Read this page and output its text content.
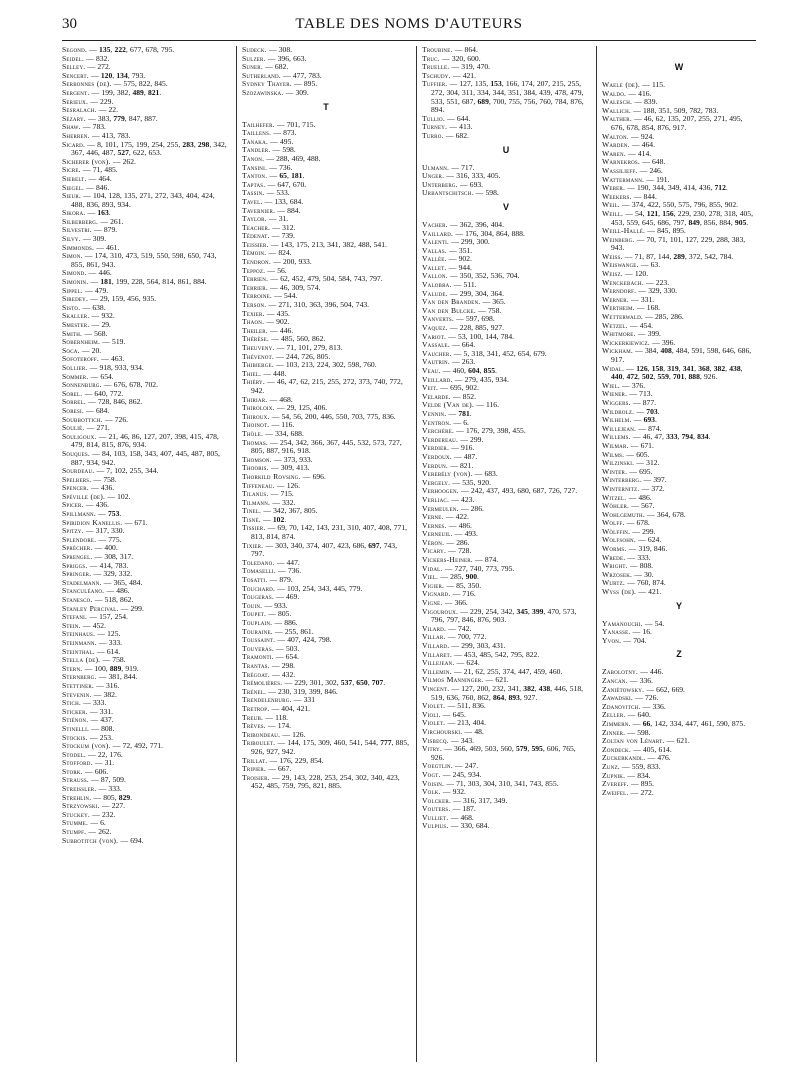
30	TABLE DES NOMS D'AUTEURS

Segond. — 135, 222, 677, 678, 795.

Seidel. — 832.

Selley. — 272.

Sencert. — 120, 134, 793.

Serbonnes (de). — 575, 822, 845.

Sergent. — 199, 382, 489, 821.

Serieux. — 229.

Sesralach. — 22.

Sézary. — 383, 779, 847, 887.

Shaw. — 783.

Sherren. — 413, 783.

Sicard. — 8, 101, 175, 199, 254, 255, 283, 298, 342, 367, 446, 487, 527, 622, 653.

Sicherer (von). — 262.

Sicre. — 71, 485.

Siebelt. — 464.

Siegel. — 846.

Sieur. — 104, 128, 135, 271, 272, 343, 404, 424, 488, 836, 893, 934.

Sikora. — 163.

Silberberg. — 261.

Silvestri. — 879.

Silvy. — 309.

Simmonds. — 461.

Simon. — 174, 310, 473, 519, 550, 598, 650, 743, 855, 861, 943.

Simond. — 446.

Simonin. — 181, 199, 228, 564, 814, 861, 884.

Sippel. — 479.

Siredey. — 29, 159, 456, 935.

Sisto. — 638.

Skaller. — 932.

Smester. — 29.

Smith. — 568.

Sobernheim. — 519.

Soca. — 20.

Sofoteroff. — 463.

Sollier. — 918, 933, 934.

Sommer. — 654.

Sonnenburg. — 676, 678, 702.

Sorel. — 640, 772.

Sorrel. — 728, 846, 862.

Soresi. — 684.

Soubbottich. — 726.

Soulié. — 271.

Souligoux. — 21, 46, 86, 127, 207, 398, 415, 478, 479, 814, 815, 876, 934.

Souques. — 84, 103, 158, 343, 407, 445, 487, 805, 887, 934, 942.

Sourdeau. — 7, 102, 255, 344.

Spelbers. — 758.

Spencer. — 436.

Spéville (de). — 102.

Spicer. — 436.

Spillmann. — 753.

Spiridion Kanellis. — 671.

Spitzy. — 317, 330.

Splendore. — 775.

Sprécher. — 400.

Sprengel. — 308, 317.

Spriggs. — 414, 783.

Springer. — 329, 332.

Stadelmann. — 365, 484.

Stanculéano. — 486.

Stanesco. — 518, 862.

Stanley Percival. — 299.

Stefani. — 157, 254.

Stein. — 452.

Steinhaus. — 125.

Steinmann. — 333.

Steinthal. — 614.

Stella (de). — 758.

Stern. — 100, 889, 919.

Sternberg. — 381, 844.

Stettiner. — 316.

Stevenin. — 382.

Stich. — 333.

Sticker. — 331.

Stiénon. — 437.

Stinelli. — 808.

Stockis. — 253.

Stockum (von). — 72, 492, 771.

Stodel. — 22, 176.

Stofford. — 31.

Stork. — 606.

Strauss. — 87, 509.

Streissler. — 333.

Strehlin. — 805, 829.

Strzyowski. — 227.

Stuckey. — 232.

Stumme. — 6.

Stumpf. — 262.

Subbotitch (von). — 694.

Sudeck. — 308.

Sulzer. — 396, 663.

Suner. — 682.

Sutherland. — 477, 783.

Sydney Thayer. — 895.

Szozawinska. — 309.

T

Tailhefer. — 701, 715.

Taillens. — 873.

Tanaka. — 495.

Tandler. — 598.

Tanon. — 288, 469, 488.

Tansini. — 736.

Tanton. — 65, 181.

Taptas. — 647, 670.

Tassin. — 533.

Tavel. — 133, 684.

Tavernier. — 884.

Taylor. — 31.

Teacher. — 312.

Tédenat. — 739.

Teissier. — 143, 175, 213, 341, 382, 488, 541.

Témoin. — 824.

Tendron. — 200, 933.

Teppoz. — 56.

Terrien. — 62, 452, 479, 504, 584, 743, 797.

Terrier. — 46, 309, 574.

Terroine. — 544.

Terson. — 271, 310, 363, 396, 504, 743.

Texier. — 435.

Thaon. — 902.

Theiler. — 446.

Thérèse. — 485, 560, 862.

Theuveny. — 71, 101, 279, 813.

Thévenot. — 244, 726, 805.

Thibierge. — 103, 213, 224, 302, 598, 760.

Thiel. — 448.

Thiéry. — 46, 47, 62, 215, 255, 272, 373, 740, 772, 942.

Thiriar. — 468.

Thiroloix. — 29, 125, 406.

Thiroux. — 54, 56, 200, 446, 550, 703, 775, 836.

Thoinot. — 116.

Thöle. — 334, 688.

Thomas. — 254, 342, 366, 367, 445, 532, 573, 727, 805, 887, 916, 918.

Thomson. — 373, 933.

Thooris. — 309, 413.

Thorkild Rovsing. — 696.

Tiffeneau. — 126.

Tilanus. — 715.

Tilmann. — 332.

Tinel. — 342, 367, 805.

Tisné. — 102.

Tissier. — 69, 70, 142, 143, 231, 310, 407, 408, 771, 813, 814, 874.

Tixier. — 303, 340, 374, 407, 423, 686, 697, 743, 797.

Toledano. — 447.

Tomaselli. — 736.

Tosatti. — 879.

Touchard. — 103, 254, 343, 445, 779.

Tougeras. — 469.

Touin. — 933.

Toupet. — 805.

Touplain. — 886.

Touraine. — 255, 861.

Toussaint. — 407, 424, 798.

Touyeras. — 503.

Tramonti. — 654.

Trantas. — 298.

Trégoat. — 432.

Trémolières. — 229, 301, 302, 537, 650, 707.

Trénel. — 230, 319, 399, 846.

Trendelenburg. — 331

Tretrop. — 404, 421.

Treub. — 118.

Trèves. — 174.

Tribondeau. — 126.

Triboulet. — 144, 175, 309, 460, 541, 544, 777, 885, 926, 927, 942.

Trillat. — 176, 229, 854.

Tripier. — 667.

Troisier. — 29, 143, 228, 253, 254, 302, 340, 423, 452, 485, 759, 795, 821, 885.

Troubine. — 864.

Truc. — 320, 600.

Truelle. — 319, 470.

Tschudy. — 421.

Tuffier. — 127, 135, 153, 166, 174, 207, 215, 255, 272, 304, 311, 334, 344, 351, 384, 439, 478, 479, 533, 551, 687, 689, 700, 755, 756, 760, 784, 876, 894.

Tullio. — 644.

Turney. — 413.

Turro. — 682.

U

Ulmann. — 717.

Unger. — 316, 333, 405.

Unterberg. — 693.

Urbantschitsch. — 598.

V

Vacher. — 362, 396, 404.

Vaillard. — 176, 304, 864, 888.

Valenti. — 299, 300.

Vallas. — 351.

Vallée. — 902.

Vallet. — 944.

Vallon. — 350, 352, 536, 704.

Valobra. — 511.

Valude. — 299, 304, 364.

Van den Branden. — 365.

Van den Bulcke. — 758.

Vanverts. — 597, 698.

Vaquez. — 228, 885, 927.

Variot. — 53, 100, 144, 784.

Vassale. — 664.

Vaucher. — 5, 318, 341, 452, 654, 679.

Vautrin. — 263.

Veau. — 460, 604, 855.

Veillard. — 279, 435, 934.

Veit. — 695, 902.

Velarde. — 852.

Velde (Van de). — 116.

Vennin. — 781.

Ventron. — 6.

Verchère. — 176, 279, 398, 455.

Verdereau. — 299.

Verdier. — 916.

Verdoux. — 487.

Verdun. — 821.

Verebély (von). — 683.

Vergely. — 535, 920.

Verhoogen. — 242, 437, 493, 680, 687, 726, 727.

Verliac. — 423.

Vermeulen. — 286.

Verne. — 422.

Vernes. — 486.

Verneuil. — 493.

Véron. — 286.

Vicary. — 728.

Vickers-Heiner. — 874.

Vidal. — 727, 740, 773, 795.

Viel. — 285, 900.

Vigier. — 85, 350.

Vignard. — 716.

Vigne. — 366.

Vigouroux. — 229, 254, 342, 345, 399, 470, 573, 796, 797, 846, 876, 903.

Vilard. — 742.

Villar. — 700, 772.

Villard. — 299, 303, 431.

Villaret. — 453, 485, 542, 795, 822.

Villejean. — 624.

Villemin. — 21, 62, 255, 374, 447, 459, 460.

Vilmos Manninger. — 621.

Vincent. — 127, 200, 232, 341, 382, 438, 446, 518, 519, 636, 760, 862, 864, 893, 927.

Violet. — 511, 836.

Violi. — 645.

Violet. — 213, 404.

Virchourski. — 48.

Visbecq. — 343.

Vitry. — 366, 469, 503, 560, 579, 595, 606, 765, 926.

Voegtlin. — 247.

Vogt. — 245, 934.

Voisin. — 71, 303, 304, 310, 341, 743, 855.

Volk. — 932.

Volcker. — 316, 317, 349.

Vouters. — 187.

Vulliet. — 468.

Vulpius. — 330, 684.

W

Waele (de). — 115.

Waldo. — 416.

Walesch. — 839.

Wallich. — 188, 351, 509, 782, 783.

Walther. — 46, 62, 135, 207, 255, 271, 495, 676, 678, 854, 876, 917.

Walton. — 924.

Warden. — 464.

Waren. — 414.

Warnekros. — 648.

Wassilieff. — 246.

Wattermann. — 191.

Weber. — 190, 344, 349, 414, 436, 712.

Weekers. — 844.

Weil. — 374, 422, 550, 575, 796, 855, 902.

Weill. — 54, 121, 156, 229, 230, 278, 318, 405, 453, 559, 645, 686, 797, 849, 856, 884, 905.

Weill-Hallé. — 845, 895.

Weinberg. — 70, 71, 101, 127, 229, 288, 383, 943.

Weiss. — 71, 87, 144, 289, 372, 542, 784.

Weiswange. — 63.

Weisz. — 120.

Wenckebach. — 223.

Werndorf. — 329, 330.

Werner. — 331.

Wertheim. — 168.

Wetterwald. — 285, 286.

Wetzel. — 454.

Whitmore. — 399.

Wickerkiewicz. — 396.

Wickham. — 384, 408, 484, 591, 598, 646, 686, 917.

Widal. — 126, 158, 319, 341, 368, 382, 438, 440, 472, 502, 559, 701, 888, 926.

Wiel. — 376.

Wiener. — 713.

Wiggers. — 877.

Wildbolz. — 703.

Wilhelm. — 693.

Willejean. — 874.

Willems. — 46, 47, 333, 794, 834.

Wilmar. — 671.

Wilms. — 605.

Wilzinski. — 312.

Winter. — 695.

Winterberg. — 397.

Winternitz. — 372.

Witzel. — 486.

Wöhler. — 567.

Wohlgemuth. — 364, 678.

Wolff. — 678.

Wölffin. — 299.

Wolfsohn. — 624.

Worms. — 319, 846.

Wrede. — 333.

Wright. — 808.

Wrzosek. — 30.

Wurtz. — 760, 874.

Wyss (de). — 421.

Y

Yamanouchi. — 54.

Yanasse. — 16.

Yvon. — 704.

Z

Zabolotny. — 446.

Zancan. — 336.

Zaniétowsky. — 662, 669.

Zawadski. — 726.

Zdanovitch. — 336.

Zeller. — 640.

Zimmern. — 66, 142, 334, 447, 461, 590, 875.

Zinner. — 598.

Zoltan von Lénart. — 621.

Zondeck. — 405, 614.

Zuckerkandl. — 476.

Zunz. — 559, 833.

Zupnik. — 834.

Zvereff. — 895.

Zweifel. — 272.
